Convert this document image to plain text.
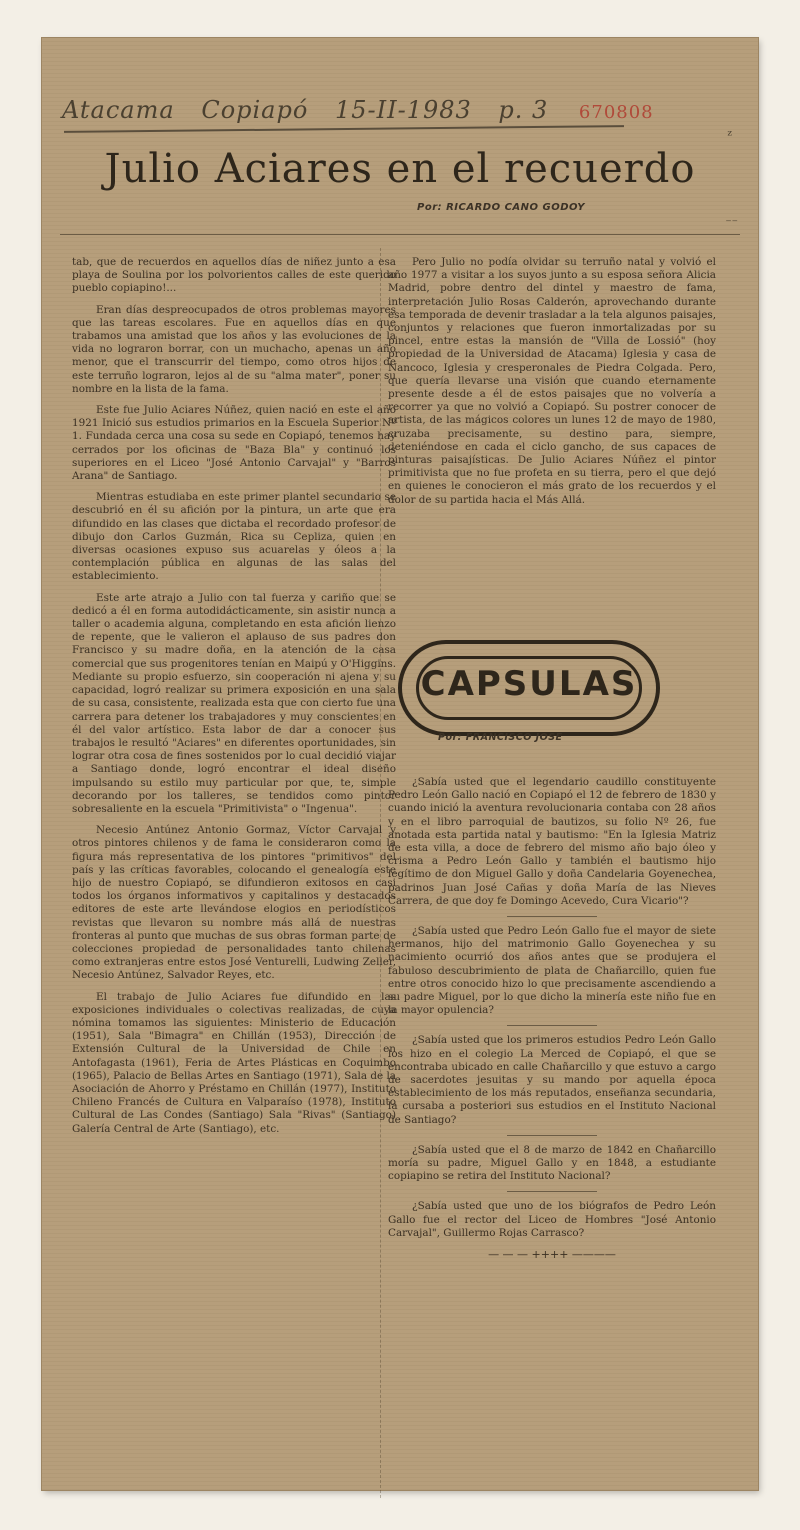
Atacama Copiapó 15-II-1983 p. 3 670808
ᶻ
Julio Aciares en el recuerdo
Por: RICARDO CANO GODOY
⁻⁻

tab, que de recuerdos en aquellos días de niñez junto a esa playa de Soulina por los polvorientos calles de este querido pueblo copiapino!...

Eran días despreocupados de otros problemas mayores que las tareas escolares. Fue en aquellos días en que trabamos una amistad que los años y las evoluciones de la vida no lograron borrar, con un muchacho, apenas un año menor, que el transcurrir del tiempo, como otros hijos de este terruño lograron, lejos al de su "alma mater", poner su nombre en la lista de la fama.

Este fue Julio Aciares Núñez, quien nació en este el año 1921 Inició sus estudios primarios en la Escuela Superior Nº 1. Fundada cerca una cosa su sede en Copiapó, tenemos hay cerrados por los oficinas de "Baza Bla" y continuó los superiores en el Liceo "José Antonio Carvajal" y "Barros Arana" de Santiago.

Mientras estudiaba en este primer plantel secundario se descubrió en él su afición por la pintura, un arte que era difundido en las clases que dictaba el recordado profesor de dibujo don Carlos Guzmán, Rica su Cepliza, quien en diversas ocasiones expuso sus acuarelas y óleos a la contemplación pública en algunas de las salas del establecimiento.

Este arte atrajo a Julio con tal fuerza y cariño que se dedicó a él en forma autodidácticamente, sin asistir nunca a taller o academia alguna, completando en esta afición lienzo de repente, que le valieron el aplauso de sus padres don Francisco y su madre doña, en la atención de la casa comercial que sus progenitores tenían en Maipú y O'Higgins. Mediante su propio esfuerzo, sin cooperación ni ajena y su capacidad, logró realizar su primera exposición en una sala de su casa, consistente, realizada esta que con cierto fue una carrera para detener los trabajadores y muy conscientes en él del valor artístico. Esta labor de dar a conocer sus trabajos le resultó "Aciares" en diferentes oportunidades, sin lograr otra cosa de fines sostenidos por lo cual decidió viajar a Santiago donde, logró encontrar el ideal diseño impulsando su estilo muy particular por que, te, simple decorando por los talleres, se tendidos como pintor sobresaliente en la escuela "Primitivista" o "Ingenua".

Necesio Antúnez Antonio Gormaz, Víctor Carvajal y otros pintores chilenos y de fama le consideraron como la figura más representativa de los pintores "primitivos" del país y las críticas favorables, colocando el genealogía este hijo de nuestro Copiapó, se difundieron exitosos en casi todos los órganos informativos y capitalinos y destacados editores de este arte llevándose elogios en periodísticos revistas que llevaron su nombre más allá de nuestras fronteras al punto que muchas de sus obras forman parte de colecciones propiedad de personalidades tanto chilenas como extranjeras entre estos José Venturelli, Ludwing Zeller, Necesio Antúnez, Salvador Reyes, etc.

El trabajo de Julio Aciares fue difundido en las exposiciones individuales o colectivas realizadas, de cuya nómina tomamos las siguientes: Ministerio de Educación (1951), Sala "Bimagra" en Chillán (1953), Dirección de Extensión Cultural de la Universidad de Chile en Antofagasta (1961), Feria de Artes Plásticas en Coquimbo (1965), Palacio de Bellas Artes en Santiago (1971), Sala de la Asociación de Ahorro y Préstamo en Chillán (1977), Instituto Chileno Francés de Cultura en Valparaíso (1978), Instituto Cultural de Las Condes (Santiago) Sala "Rivas" (Santiago) Galería Central de Arte (Santiago), etc.

Pero Julio no podía olvidar su terruño natal y volvió el año 1977 a visitar a los suyos junto a su esposa señora Alicia Madrid, pobre dentro del dintel y maestro de fama, interpretación Julio Rosas Calderón, aprovechando durante esa temporada de devenir trasladar a la tela algunos paisajes, conjuntos y relaciones que fueron inmortalizadas por su pincel, entre estas la mansión de "Villa de Lossió" (hoy propiedad de la Universidad de Atacama) Iglesia y casa de Nancoco, Iglesia y cresperonales de Piedra Colgada. Pero, que quería llevarse una visión que cuando eternamente presente desde a él de estos paisajes que no volvería a recorrer ya que no volvió a Copiapó. Su postrer conocer de artista, de las mágicos colores un lunes 12 de mayo de 1980, cruzaba precisamente, su destino para, siempre, deteniéndose en cada el ciclo gancho, de sus capaces de pinturas paisajísticas. De Julio Aciares Núñez el pintor primitivista que no fue profeta en su tierra, pero el que dejó en quienes le conocieron el más grato de los recuerdos y el dolor de su partida hacia el Más Allá.

CAPSULAS
Por: FRANCISCO JOSE

¿Sabía usted que el legendario caudillo constituyente Pedro León Gallo nació en Copiapó el 12 de febrero de 1830 y cuando inició la aventura revolucionaria contaba con 28 años y en el libro parroquial de bautizos, su folio Nº 26, fue anotada esta partida natal y bautismo: "En la Iglesia Matriz de esta villa, a doce de febrero del mismo año bajo óleo y crisma a Pedro León Gallo y también el bautismo hijo legítimo de don Miguel Gallo y doña Candelaria Goyenechea, padrinos Juan José Cañas y doña María de las Nieves Carrera, de que doy fe Domingo Acevedo, Cura Vicario"?

¿Sabía usted que Pedro León Gallo fue el mayor de siete hermanos, hijo del matrimonio Gallo Goyenechea y su nacimiento ocurrió dos años antes que se produjera el fabuloso descubrimiento de plata de Chañarcillo, quien fue entre otros conocido hizo lo que precisamente ascendiendo a su padre Miguel, por lo que dicho la minería este niño fue en la mayor opulencia?

¿Sabía usted que los primeros estudios Pedro León Gallo los hizo en el colegio La Merced de Copiapó, el que se encontraba ubicado en calle Chañarcillo y que estuvo a cargo de sacerdotes jesuitas y su mando por aquella época establecimiento de los más reputados, enseñanza secundaria, la cursaba a posteriori sus estudios en el Instituto Nacional de Santiago?

¿Sabía usted que el 8 de marzo de 1842 en Chañarcillo moría su padre, Miguel Gallo y en 1848, a estudiante copiapino se retira del Instituto Nacional?

¿Sabía usted que uno de los biógrafos de Pedro León Gallo fue el rector del Liceo de Hombres "José Antonio Carvajal", Guillermo Rojas Carrasco?

— — — ++++ ————
